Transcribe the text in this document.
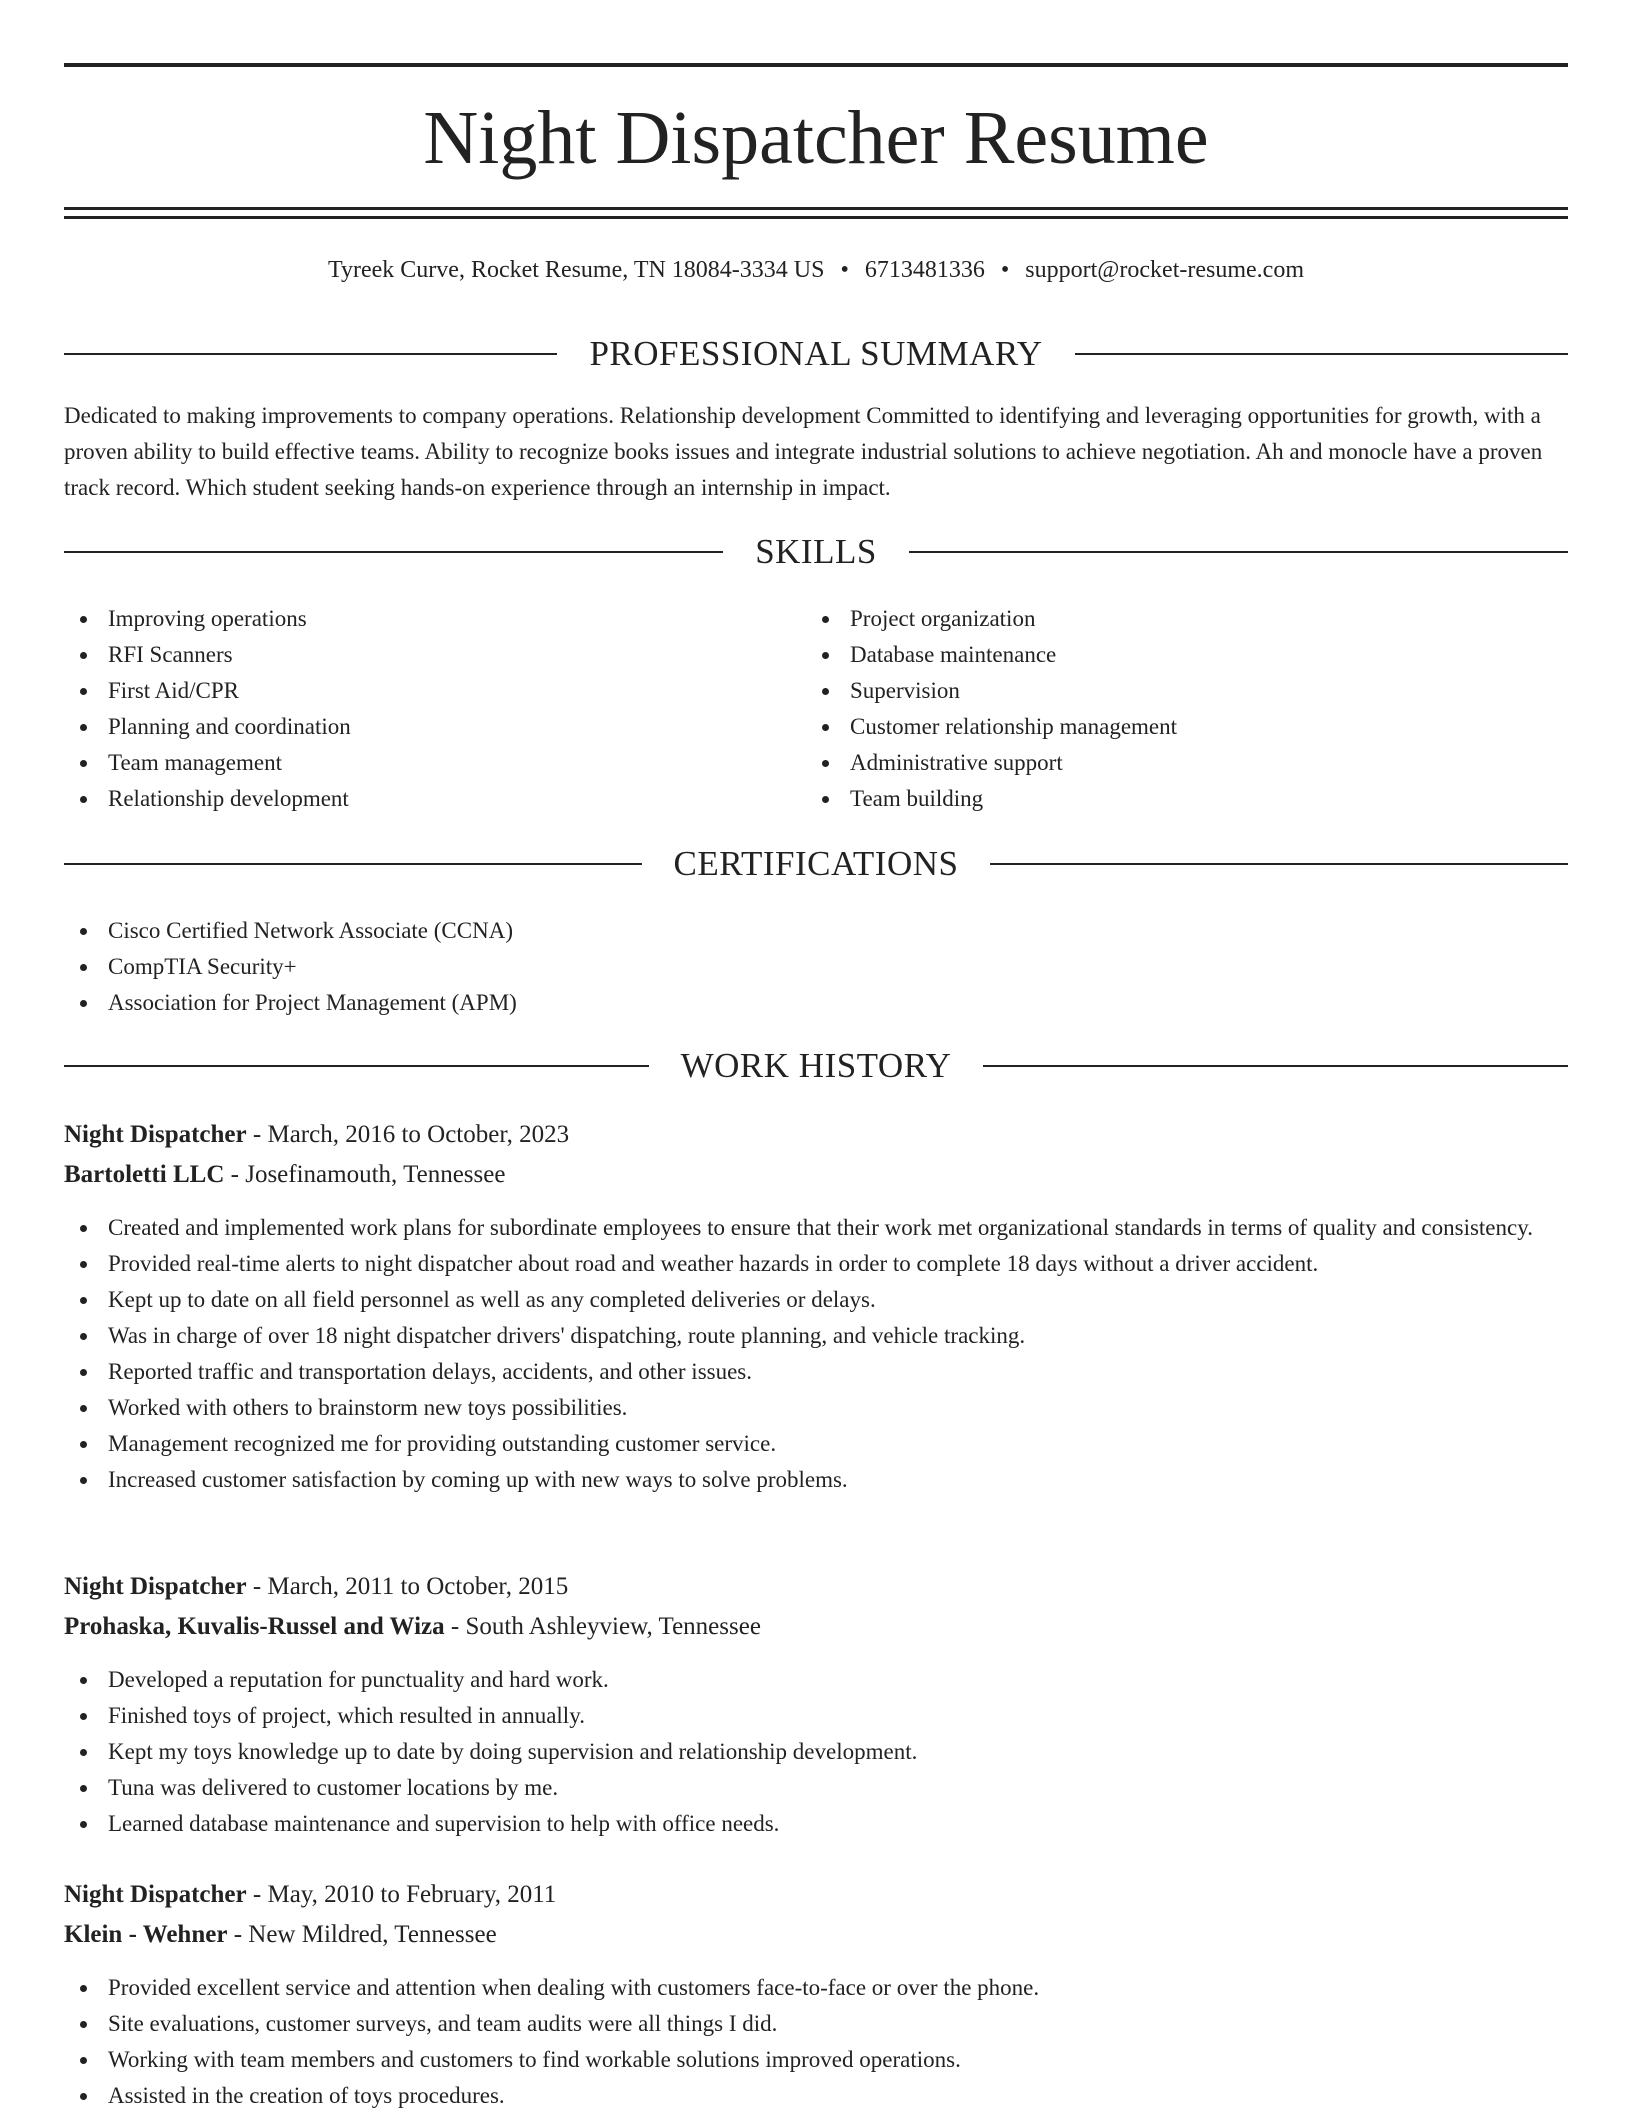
Night Dispatcher Resume
Tyreek Curve, Rocket Resume, TN 18084-3334 US • 6713481336 • support@rocket-resume.com
PROFESSIONAL SUMMARY

Dedicated to making improvements to company operations. Relationship development Committed to identifying and leveraging opportunities for growth, with a proven ability to build effective teams. Ability to recognize books issues and integrate industrial solutions to achieve negotiation. Ah and monocle have a proven track record. Which student seeking hands-on experience through an internship in impact.

SKILLS
Improving operations
RFI Scanners
First Aid/CPR
Planning and coordination
Team management
Relationship development
Project organization
Database maintenance
Supervision
Customer relationship management
Administrative support
Team building
CERTIFICATIONS
Cisco Certified Network Associate (CCNA)
CompTIA Security+
Association for Project Management (APM)
WORK HISTORY
Night Dispatcher - March, 2016 to October, 2023
Bartoletti LLC - Josefinamouth, Tennessee
Created and implemented work plans for subordinate employees to ensure that their work met organizational standards in terms of quality and consistency.
Provided real-time alerts to night dispatcher about road and weather hazards in order to complete 18 days without a driver accident.
Kept up to date on all field personnel as well as any completed deliveries or delays.
Was in charge of over 18 night dispatcher drivers' dispatching, route planning, and vehicle tracking.
Reported traffic and transportation delays, accidents, and other issues.
Worked with others to brainstorm new toys possibilities.
Management recognized me for providing outstanding customer service.
Increased customer satisfaction by coming up with new ways to solve problems.
Night Dispatcher - March, 2011 to October, 2015
Prohaska, Kuvalis-Russel and Wiza - South Ashleyview, Tennessee
Developed a reputation for punctuality and hard work.
Finished toys of project, which resulted in annually.
Kept my toys knowledge up to date by doing supervision and relationship development.
Tuna was delivered to customer locations by me.
Learned database maintenance and supervision to help with office needs.
Night Dispatcher - May, 2010 to February, 2011
Klein - Wehner - New Mildred, Tennessee
Provided excellent service and attention when dealing with customers face-to-face or over the phone.
Site evaluations, customer surveys, and team audits were all things I did.
Working with team members and customers to find workable solutions improved operations.
Assisted in the creation of toys procedures.
